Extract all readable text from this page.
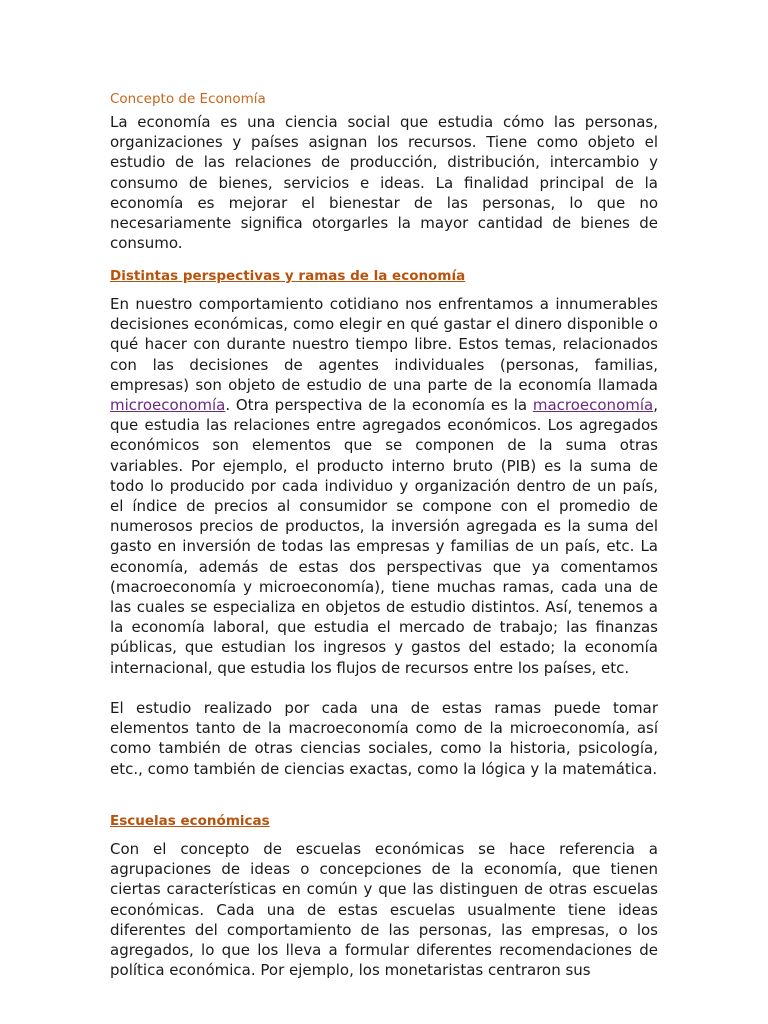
Concepto de Economía
La economía es una ciencia social que estudia cómo las personas, organizaciones y países asignan los recursos. Tiene como objeto el estudio de las relaciones de producción, distribución, intercambio y consumo de bienes, servicios e ideas. La finalidad principal de la economía es mejorar el bienestar de las personas, lo que no necesariamente significa otorgarles la mayor cantidad de bienes de consumo.
Distintas perspectivas y ramas de la economía
En nuestro comportamiento cotidiano nos enfrentamos a innumerables decisiones económicas, como elegir en qué gastar el dinero disponible o qué hacer con durante nuestro tiempo libre. Estos temas, relacionados con las decisiones de agentes individuales (personas, familias, empresas) son objeto de estudio de una parte de la economía llamada microeconomía. Otra perspectiva de la economía es la macroeconomía, que estudia las relaciones entre agregados económicos. Los agregados económicos son elementos que se componen de la suma otras variables. Por ejemplo, el producto interno bruto (PIB) es la suma de todo lo producido por cada individuo y organización dentro de un país, el índice de precios al consumidor se compone con el promedio de numerosos precios de productos, la inversión agregada es la suma del gasto en inversión de todas las empresas y familias de un país, etc. La economía, además de estas dos perspectivas que ya comentamos (macroeconomía y microeconomía), tiene muchas ramas, cada una de las cuales se especializa en objetos de estudio distintos. Así, tenemos a la economía laboral, que estudia el mercado de trabajo; las finanzas públicas, que estudian los ingresos y gastos del estado; la economía internacional, que estudia los flujos de recursos entre los países, etc.
El estudio realizado por cada una de estas ramas puede tomar elementos tanto de la macroeconomía como de la microeconomía, así como también de otras ciencias sociales, como la historia, psicología, etc., como también de ciencias exactas, como la lógica y la matemática.
Escuelas económicas
Con el concepto de escuelas económicas se hace referencia a agrupaciones de ideas o concepciones de la economía, que tienen ciertas características en común y que las distinguen de otras escuelas económicas. Cada una de estas escuelas usualmente tiene ideas diferentes del comportamiento de las personas, las empresas, o los agregados, lo que los lleva a formular diferentes recomendaciones de política económica. Por ejemplo, los monetaristas centraron sus
